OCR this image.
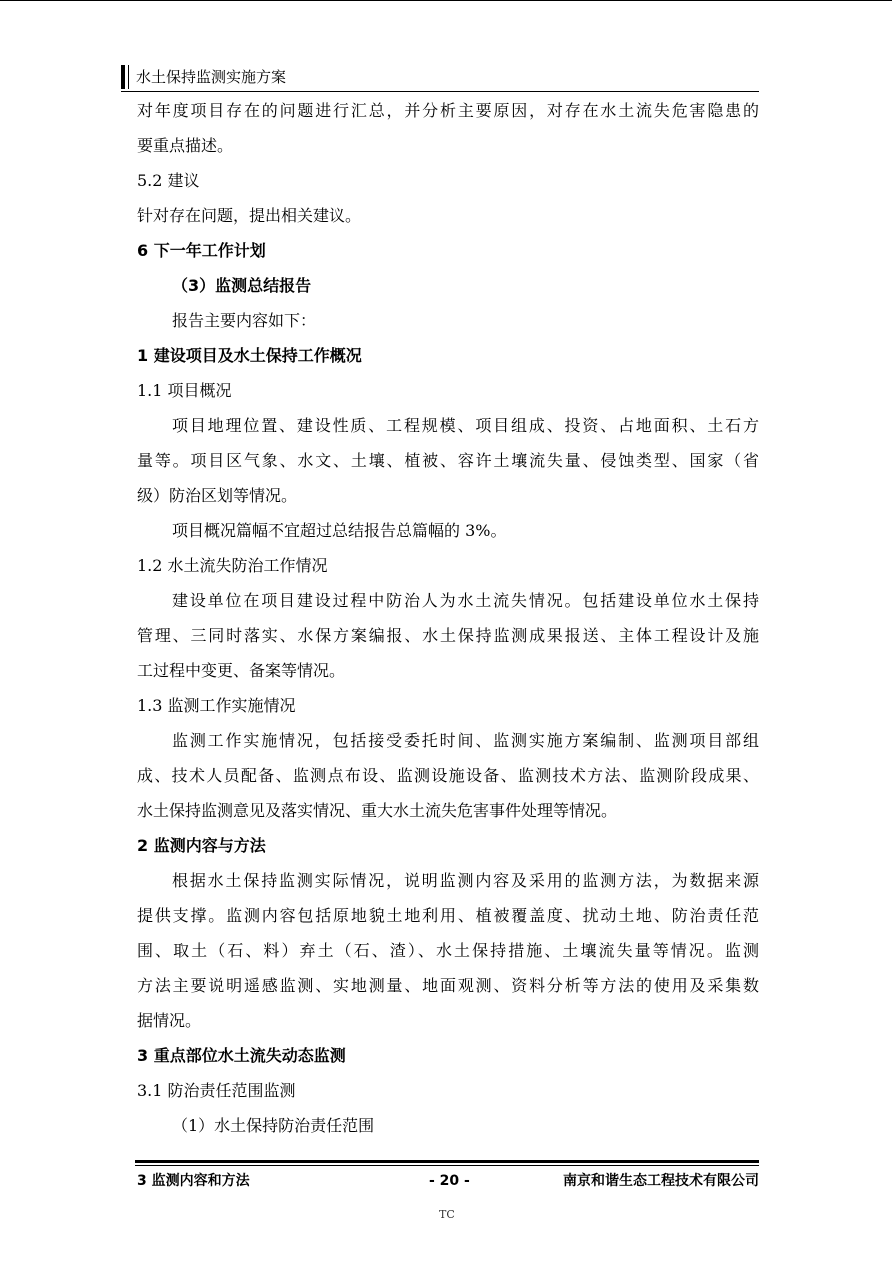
水土保持监测实施方案
对年度项目存在的问题进行汇总，并分析主要原因，对存在水土流失危害隐患的
要重点描述。
5.2 建议
针对存在问题，提出相关建议。
6 下一年工作计划
（3）监测总结报告
报告主要内容如下：
1 建设项目及水土保持工作概况
1.1 项目概况
项目地理位置、建设性质、工程规模、项目组成、投资、占地面积、土石方
量等。项目区气象、水文、土壤、植被、容许土壤流失量、侵蚀类型、国家（省
级）防治区划等情况。
项目概况篇幅不宜超过总结报告总篇幅的 3%。
1.2 水土流失防治工作情况
建设单位在项目建设过程中防治人为水土流失情况。包括建设单位水土保持
管理、三同时落实、水保方案编报、水土保持监测成果报送、主体工程设计及施
工过程中变更、备案等情况。
1.3 监测工作实施情况
监测工作实施情况，包括接受委托时间、监测实施方案编制、监测项目部组
成、技术人员配备、监测点布设、监测设施设备、监测技术方法、监测阶段成果、
水土保持监测意见及落实情况、重大水土流失危害事件处理等情况。
2 监测内容与方法
根据水土保持监测实际情况，说明监测内容及采用的监测方法，为数据来源
提供支撑。监测内容包括原地貌土地利用、植被覆盖度、扰动土地、防治责任范
围、取土（石、料）弃土（石、渣）、水土保持措施、土壤流失量等情况。监测
方法主要说明遥感监测、实地测量、地面观测、资料分析等方法的使用及采集数
据情况。
3 重点部位水土流失动态监测
3.1 防治责任范围监测
（1）水土保持防治责任范围
3 监测内容和方法	- 20 -	南京和谐生态工程技术有限公司
TC
